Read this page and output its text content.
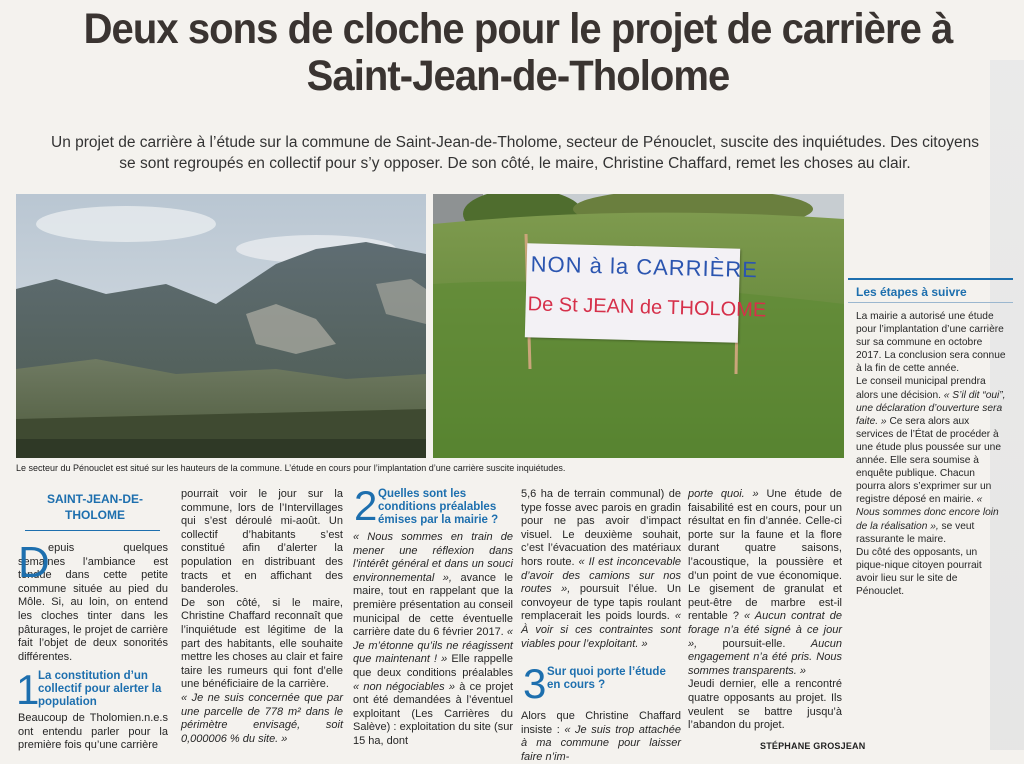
Deux sons de cloche pour le projet de carrière à Saint-Jean-de-Tholome
Un projet de carrière à l’étude sur la commune de Saint-Jean-de-Tholome, secteur de Pénouclet, suscite des inquiétudes. Des citoyens se sont regroupés en collectif pour s’y opposer. De son côté, le maire, Christine Chaffard, remet les choses au clair.
NON à la CARRIÈRE
De St JEAN de THOLOME
Le secteur du Pénouclet est situé sur les hauteurs de la commune. L’étude en cours pour l’implantation d’une carrière suscite inquiétudes.
SAINT-JEAN-DE-THOLOME
D

epuis quelques semaines l’ambiance est tendue dans cette petite commune située au pied du Môle. Si, au loin, on entend les cloches tinter dans les pâturages, le projet de carrière fait l’objet de deux sonorités différentes.

1
La constitution d’un collectif pour alerter la population
Beaucoup de Tholomien.n.e.s ont entendu parler pour la première fois qu’une carrière

pourrait voir le jour sur la commune, lors de l’Intervillages qui s’est déroulé mi-août. Un collectif d’habitants s’est constitué afin d’alerter la population en distribuant des tracts et en affichant des banderoles.

De son côté, si le maire, Christine Chaffard reconnaît que l’inquiétude est légitime de la part des habitants, elle souhaite mettre les choses au clair et faire taire les rumeurs qui font d’elle une bénéficiaire de la carrière.

« Je ne suis concernée que par une parcelle de 778 m² dans le périmètre envisagé, soit 0,000006 % du site. »

2 Quelles sont les conditions préalables émises par la mairie ?

« Nous sommes en train de mener une réflexion dans l’intérêt général et dans un souci environnemental », avance le maire, tout en rappelant que la première présentation au conseil municipal de cette éventuelle carrière date du 6 février 2017. « Je m’étonne qu’ils ne réagissent que maintenant ! » Elle rappelle que deux conditions préalables « non négociables » à ce projet ont été demandées à l’éventuel exploitant (Les Carrières du Salève) : exploitation du site (sur 15 ha, dont

5,6 ha de terrain communal) de type fosse avec parois en gradin pour ne pas avoir d’impact visuel. Le deuxième souhait, c’est l’évacuation des matériaux hors route. « Il est inconcevable d’avoir des camions sur nos routes », poursuit l’élue. Un convoyeur de type tapis roulant remplacerait les poids lourds. « À voir si ces contraintes sont viables pour l’exploitant. »

3 Sur quoi porte l’étude en cours ?

Alors que Christine Chaffard insiste : « Je suis trop attachée à ma commune pour laisser faire n’im-

porte quoi. » Une étude de faisabilité est en cours, pour un résultat en fin d’année. Celle-ci porte sur la faune et la flore durant quatre saisons, l’acoustique, la poussière et d’un point de vue économique. Le gisement de granulat et peut-être de marbre est-il rentable ? « Aucun contrat de forage n’a été signé à ce jour », poursuit-elle. Aucun engagement n’a été pris. Nous sommes transparents. »

Jeudi dernier, elle a rencontré quatre opposants au projet. Ils veulent se battre jusqu’à l’abandon du projet.

STÉPHANE GROSJEAN
Les étapes à suivre

La mairie a autorisé une étude pour l’implantation d’une carrière sur sa commune en octobre 2017. La conclusion sera connue à la fin de cette année.

Le conseil municipal prendra alors une décision. « S’il dit “oui”, une déclaration d’ouverture sera faite. » Ce sera alors aux services de l’État de procéder à une étude plus poussée sur une année. Elle sera soumise à enquête publique. Chacun pourra alors s’exprimer sur un registre déposé en mairie. « Nous sommes donc encore loin de la réalisation », se veut rassurante le maire.

Du côté des opposants, un pique-nique citoyen pourrait avoir lieu sur le site de Pénouclet.
